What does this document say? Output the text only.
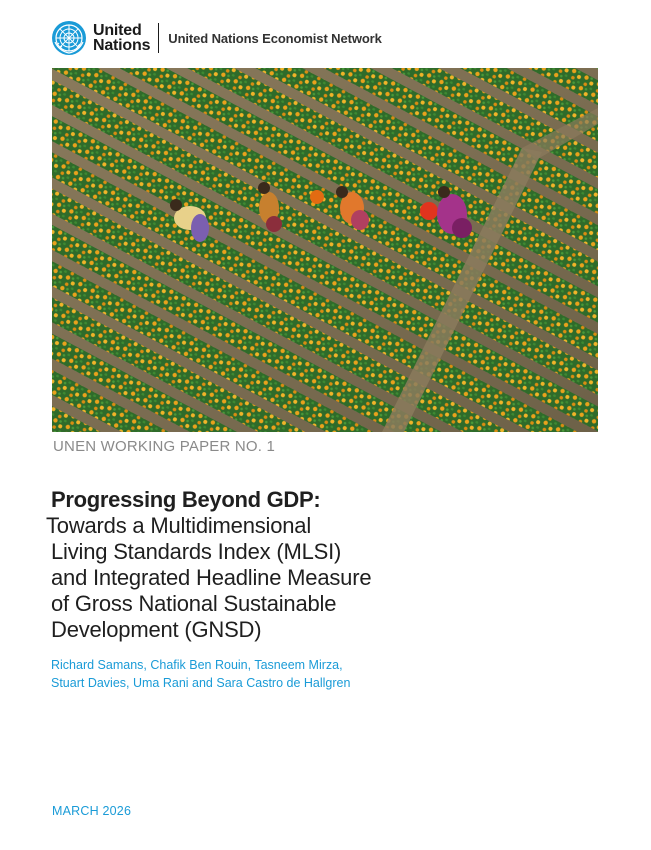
United
Nations United Nations Economist Network
UNEN WORKING PAPER NO. 1
Progressing Beyond GDP:
Towards a Multidimensional
Living Standards Index (MLSI)
and Integrated Headline Measure
of Gross National Sustainable
Development (GNSD)
Richard Samans, Chafik Ben Rouin, Tasneem Mirza,
Stuart Davies, Uma Rani and Sara Castro de Hallgren
MARCH 2026
